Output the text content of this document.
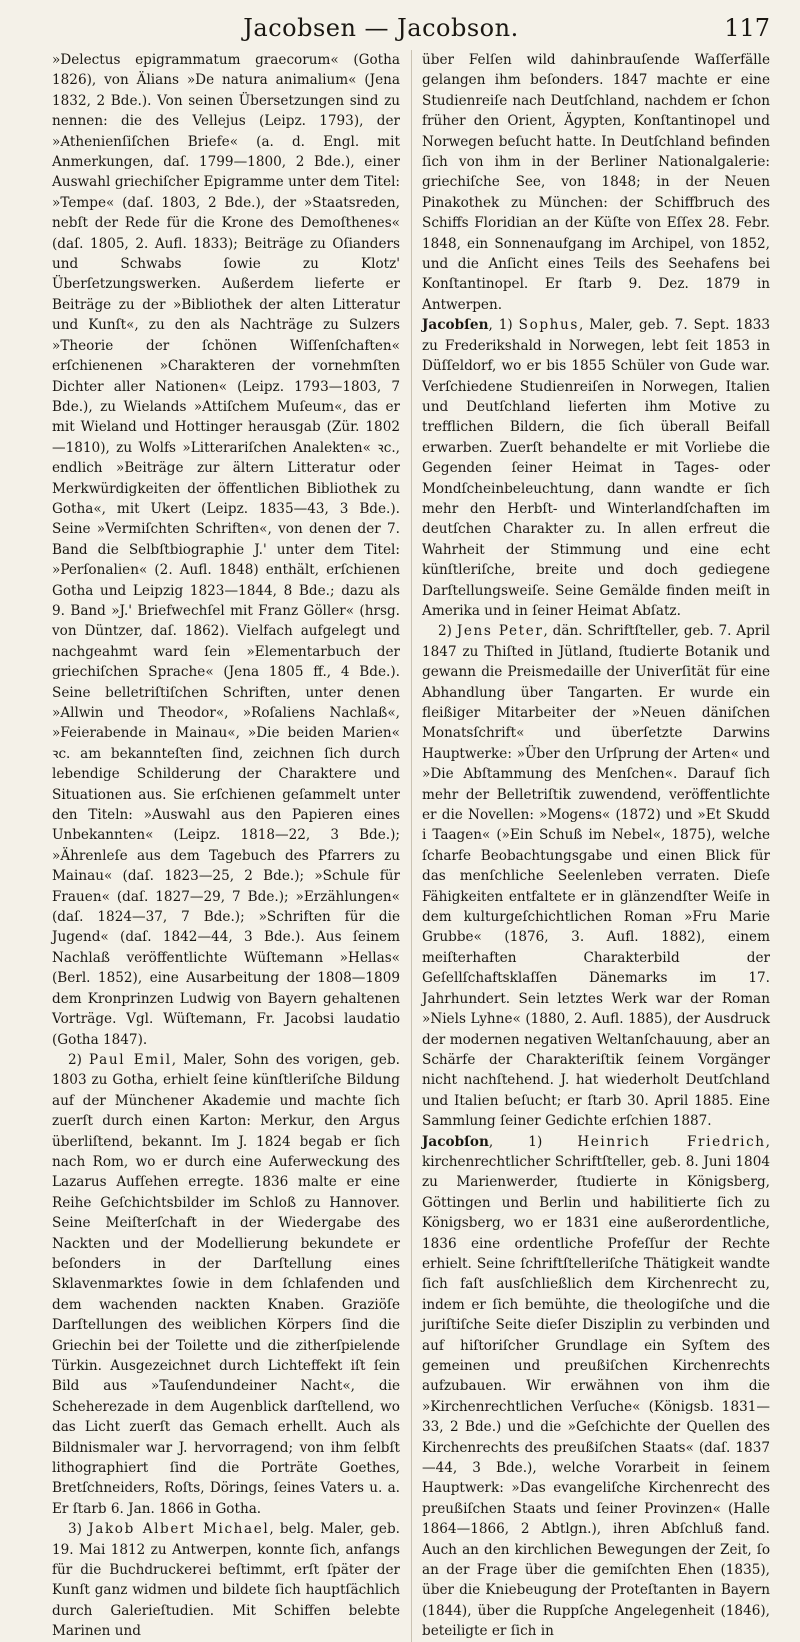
Jacobsen — Jacobson.	117

»Delectus epigrammatum graecorum« (Gotha 1826), von Älians »De natura animalium« (Jena 1832, 2 Bde.). Von seinen Übersetzungen sind zu nennen: die des Vellejus (Leipz. 1793), der »Athenienſiſchen Briefe« (a. d. Engl. mit Anmerkungen, daſ. 1799—1800, 2 Bde.), einer Auswahl griechiſcher Epigramme unter dem Titel: »Tempe« (daſ. 1803, 2 Bde.), der »Staatsreden, nebſt der Rede für die Krone des Demoſthenes« (daſ. 1805, 2. Aufl. 1833); Beiträge zu Oſianders und Schwabs ſowie zu Klotz' Überſetzungswerken. Außerdem lieferte er Beiträge zu der »Bibliothek der alten Litteratur und Kunſt«, zu den als Nachträge zu Sulzers »Theorie der ſchönen Wiſſenſchaften« erſchienenen »Charakteren der vornehmſten Dichter aller Nationen« (Leipz. 1793—1803, 7 Bde.), zu Wielands »Attiſchem Muſeum«, das er mit Wieland und Hottinger herausgab (Zür. 1802—1810), zu Wolfs »Litterariſchen Analekten« ꝛc., endlich »Beiträge zur ältern Litteratur oder Merkwürdigkeiten der öffentlichen Bibliothek zu Gotha«, mit Ukert (Leipz. 1835—43, 3 Bde.). Seine »Vermiſchten Schriften«, von denen der 7. Band die Selbſtbiographie J.' unter dem Titel: »Perſonalien« (2. Aufl. 1848) enthält, erſchienen Gotha und Leipzig 1823—1844, 8 Bde.; dazu als 9. Band »J.' Briefwechſel mit Franz Göller« (hrsg. von Düntzer, daſ. 1862). Vielfach aufgelegt und nachgeahmt ward ſein »Elementarbuch der griechiſchen Sprache« (Jena 1805 ff., 4 Bde.). Seine belletriſtiſchen Schriften, unter denen »Allwin und Theodor«, »Roſaliens Nachlaß«, »Feierabende in Mainau«, »Die beiden Marien« ꝛc. am bekannteſten ſind, zeichnen ſich durch lebendige Schilderung der Charaktere und Situationen aus. Sie erſchienen geſammelt unter den Titeln: »Auswahl aus den Papieren eines Unbekannten« (Leipz. 1818—22, 3 Bde.); »Ährenleſe aus dem Tagebuch des Pfarrers zu Mainau« (daſ. 1823—25, 2 Bde.); »Schule für Frauen« (daſ. 1827—29, 7 Bde.); »Erzählungen« (daſ. 1824—37, 7 Bde.); »Schriften für die Jugend« (daſ. 1842—44, 3 Bde.). Aus ſeinem Nachlaß veröffentlichte Wüſtemann »Hellas« (Berl. 1852), eine Ausarbeitung der 1808—1809 dem Kronprinzen Ludwig von Bayern gehaltenen Vorträge. Vgl. Wüſtemann, Fr. Jacobsi laudatio (Gotha 1847).

2) Paul Emil, Maler, Sohn des vorigen, geb. 1803 zu Gotha, erhielt ſeine künſtleriſche Bildung auf der Münchener Akademie und machte ſich zuerſt durch einen Karton: Merkur, den Argus überliſtend, bekannt. Im J. 1824 begab er ſich nach Rom, wo er durch eine Auferweckung des Lazarus Aufſehen erregte. 1836 malte er eine Reihe Geſchichtsbilder im Schloß zu Hannover. Seine Meiſterſchaft in der Wiedergabe des Nackten und der Modellierung bekundete er beſonders in der Darſtellung eines Sklavenmarktes ſowie in dem ſchlafenden und dem wachenden nackten Knaben. Graziöſe Darſtellungen des weiblichen Körpers ſind die Griechin bei der Toilette und die zitherſpielende Türkin. Ausgezeichnet durch Lichteffekt iſt ſein Bild aus »Tauſendundeiner Nacht«, die Scheherezade in dem Augenblick darſtellend, wo das Licht zuerſt das Gemach erhellt. Auch als Bildnismaler war J. hervorragend; von ihm ſelbſt lithographiert ſind die Porträte Goethes, Bretſchneiders, Roſts, Dörings, ſeines Vaters u. a. Er ſtarb 6. Jan. 1866 in Gotha.

3) Jakob Albert Michael, belg. Maler, geb. 19. Mai 1812 zu Antwerpen, konnte ſich, anfangs für die Buchdruckerei beſtimmt, erſt ſpäter der Kunſt ganz widmen und bildete ſich hauptſächlich durch Galerieſtudien. Mit Schiffen belebte Marinen und

über Felſen wild dahinbrauſende Waſſerfälle gelangen ihm beſonders. 1847 machte er eine Studienreiſe nach Deutſchland, nachdem er ſchon früher den Orient, Ägypten, Konſtantinopel und Norwegen beſucht hatte. In Deutſchland befinden ſich von ihm in der Berliner Nationalgalerie: griechiſche See, von 1848; in der Neuen Pinakothek zu München: der Schiffbruch des Schiffs Floridian an der Küſte von Eſſex 28. Febr. 1848, ein Sonnenaufgang im Archipel, von 1852, und die Anſicht eines Teils des Seehafens bei Konſtantinopel. Er ſtarb 9. Dez. 1879 in Antwerpen.

Jacobſen, 1) Sophus, Maler, geb. 7. Sept. 1833 zu Frederikshald in Norwegen, lebt ſeit 1853 in Düſſeldorf, wo er bis 1855 Schüler von Gude war. Verſchiedene Studienreiſen in Norwegen, Italien und Deutſchland lieferten ihm Motive zu trefflichen Bildern, die ſich überall Beifall erwarben. Zuerſt behandelte er mit Vorliebe die Gegenden ſeiner Heimat in Tages- oder Mondſcheinbeleuchtung, dann wandte er ſich mehr den Herbſt- und Winterlandſchaften im deutſchen Charakter zu. In allen erfreut die Wahrheit der Stimmung und eine echt künſtleriſche, breite und doch gediegene Darſtellungsweiſe. Seine Gemälde finden meiſt in Amerika und in ſeiner Heimat Abſatz.

2) Jens Peter, dän. Schriftſteller, geb. 7. April 1847 zu Thiſted in Jütland, ſtudierte Botanik und gewann die Preismedaille der Univerſität für eine Abhandlung über Tangarten. Er wurde ein fleißiger Mitarbeiter der »Neuen däniſchen Monatsſchrift« und überſetzte Darwins Hauptwerke: »Über den Urſprung der Arten« und »Die Abſtammung des Menſchen«. Darauf ſich mehr der Belletriſtik zuwendend, veröffentlichte er die Novellen: »Mogens« (1872) und »Et Skudd i Taagen« (»Ein Schuß im Nebel«, 1875), welche ſcharfe Beobachtungsgabe und einen Blick für das menſchliche Seelenleben verraten. Dieſe Fähigkeiten entfaltete er in glänzendſter Weiſe in dem kulturgeſchichtlichen Roman »Fru Marie Grubbe« (1876, 3. Aufl. 1882), einem meiſterhaften Charakterbild der Geſellſchaftsklaſſen Dänemarks im 17. Jahrhundert. Sein letztes Werk war der Roman »Niels Lyhne« (1880, 2. Aufl. 1885), der Ausdruck der modernen negativen Weltanſchauung, aber an Schärfe der Charakteriſtik ſeinem Vorgänger nicht nachſtehend. J. hat wiederholt Deutſchland und Italien beſucht; er ſtarb 30. April 1885. Eine Sammlung ſeiner Gedichte erſchien 1887.

Jacobſon, 1) Heinrich Friedrich, kirchenrechtlicher Schriftſteller, geb. 8. Juni 1804 zu Marienwerder, ſtudierte in Königsberg, Göttingen und Berlin und habilitierte ſich zu Königsberg, wo er 1831 eine außerordentliche, 1836 eine ordentliche Profeſſur der Rechte erhielt. Seine ſchriftſtelleriſche Thätigkeit wandte ſich faſt ausſchließlich dem Kirchenrecht zu, indem er ſich bemühte, die theologiſche und die juriſtiſche Seite dieſer Disziplin zu verbinden und auf hiſtoriſcher Grundlage ein Syſtem des gemeinen und preußiſchen Kirchenrechts aufzubauen. Wir erwähnen von ihm die »Kirchenrechtlichen Verſuche« (Königsb. 1831—33, 2 Bde.) und die »Geſchichte der Quellen des Kirchenrechts des preußiſchen Staats« (daſ. 1837—44, 3 Bde.), welche Vorarbeit in ſeinem Hauptwerk: »Das evangeliſche Kirchenrecht des preußiſchen Staats und ſeiner Provinzen« (Halle 1864—1866, 2 Abtlgn.), ihren Abſchluß fand. Auch an den kirchlichen Bewegungen der Zeit, ſo an der Frage über die gemiſchten Ehen (1835), über die Kniebeugung der Proteſtanten in Bayern (1844), über die Ruppſche Angelegenheit (1846), beteiligte er ſich in
